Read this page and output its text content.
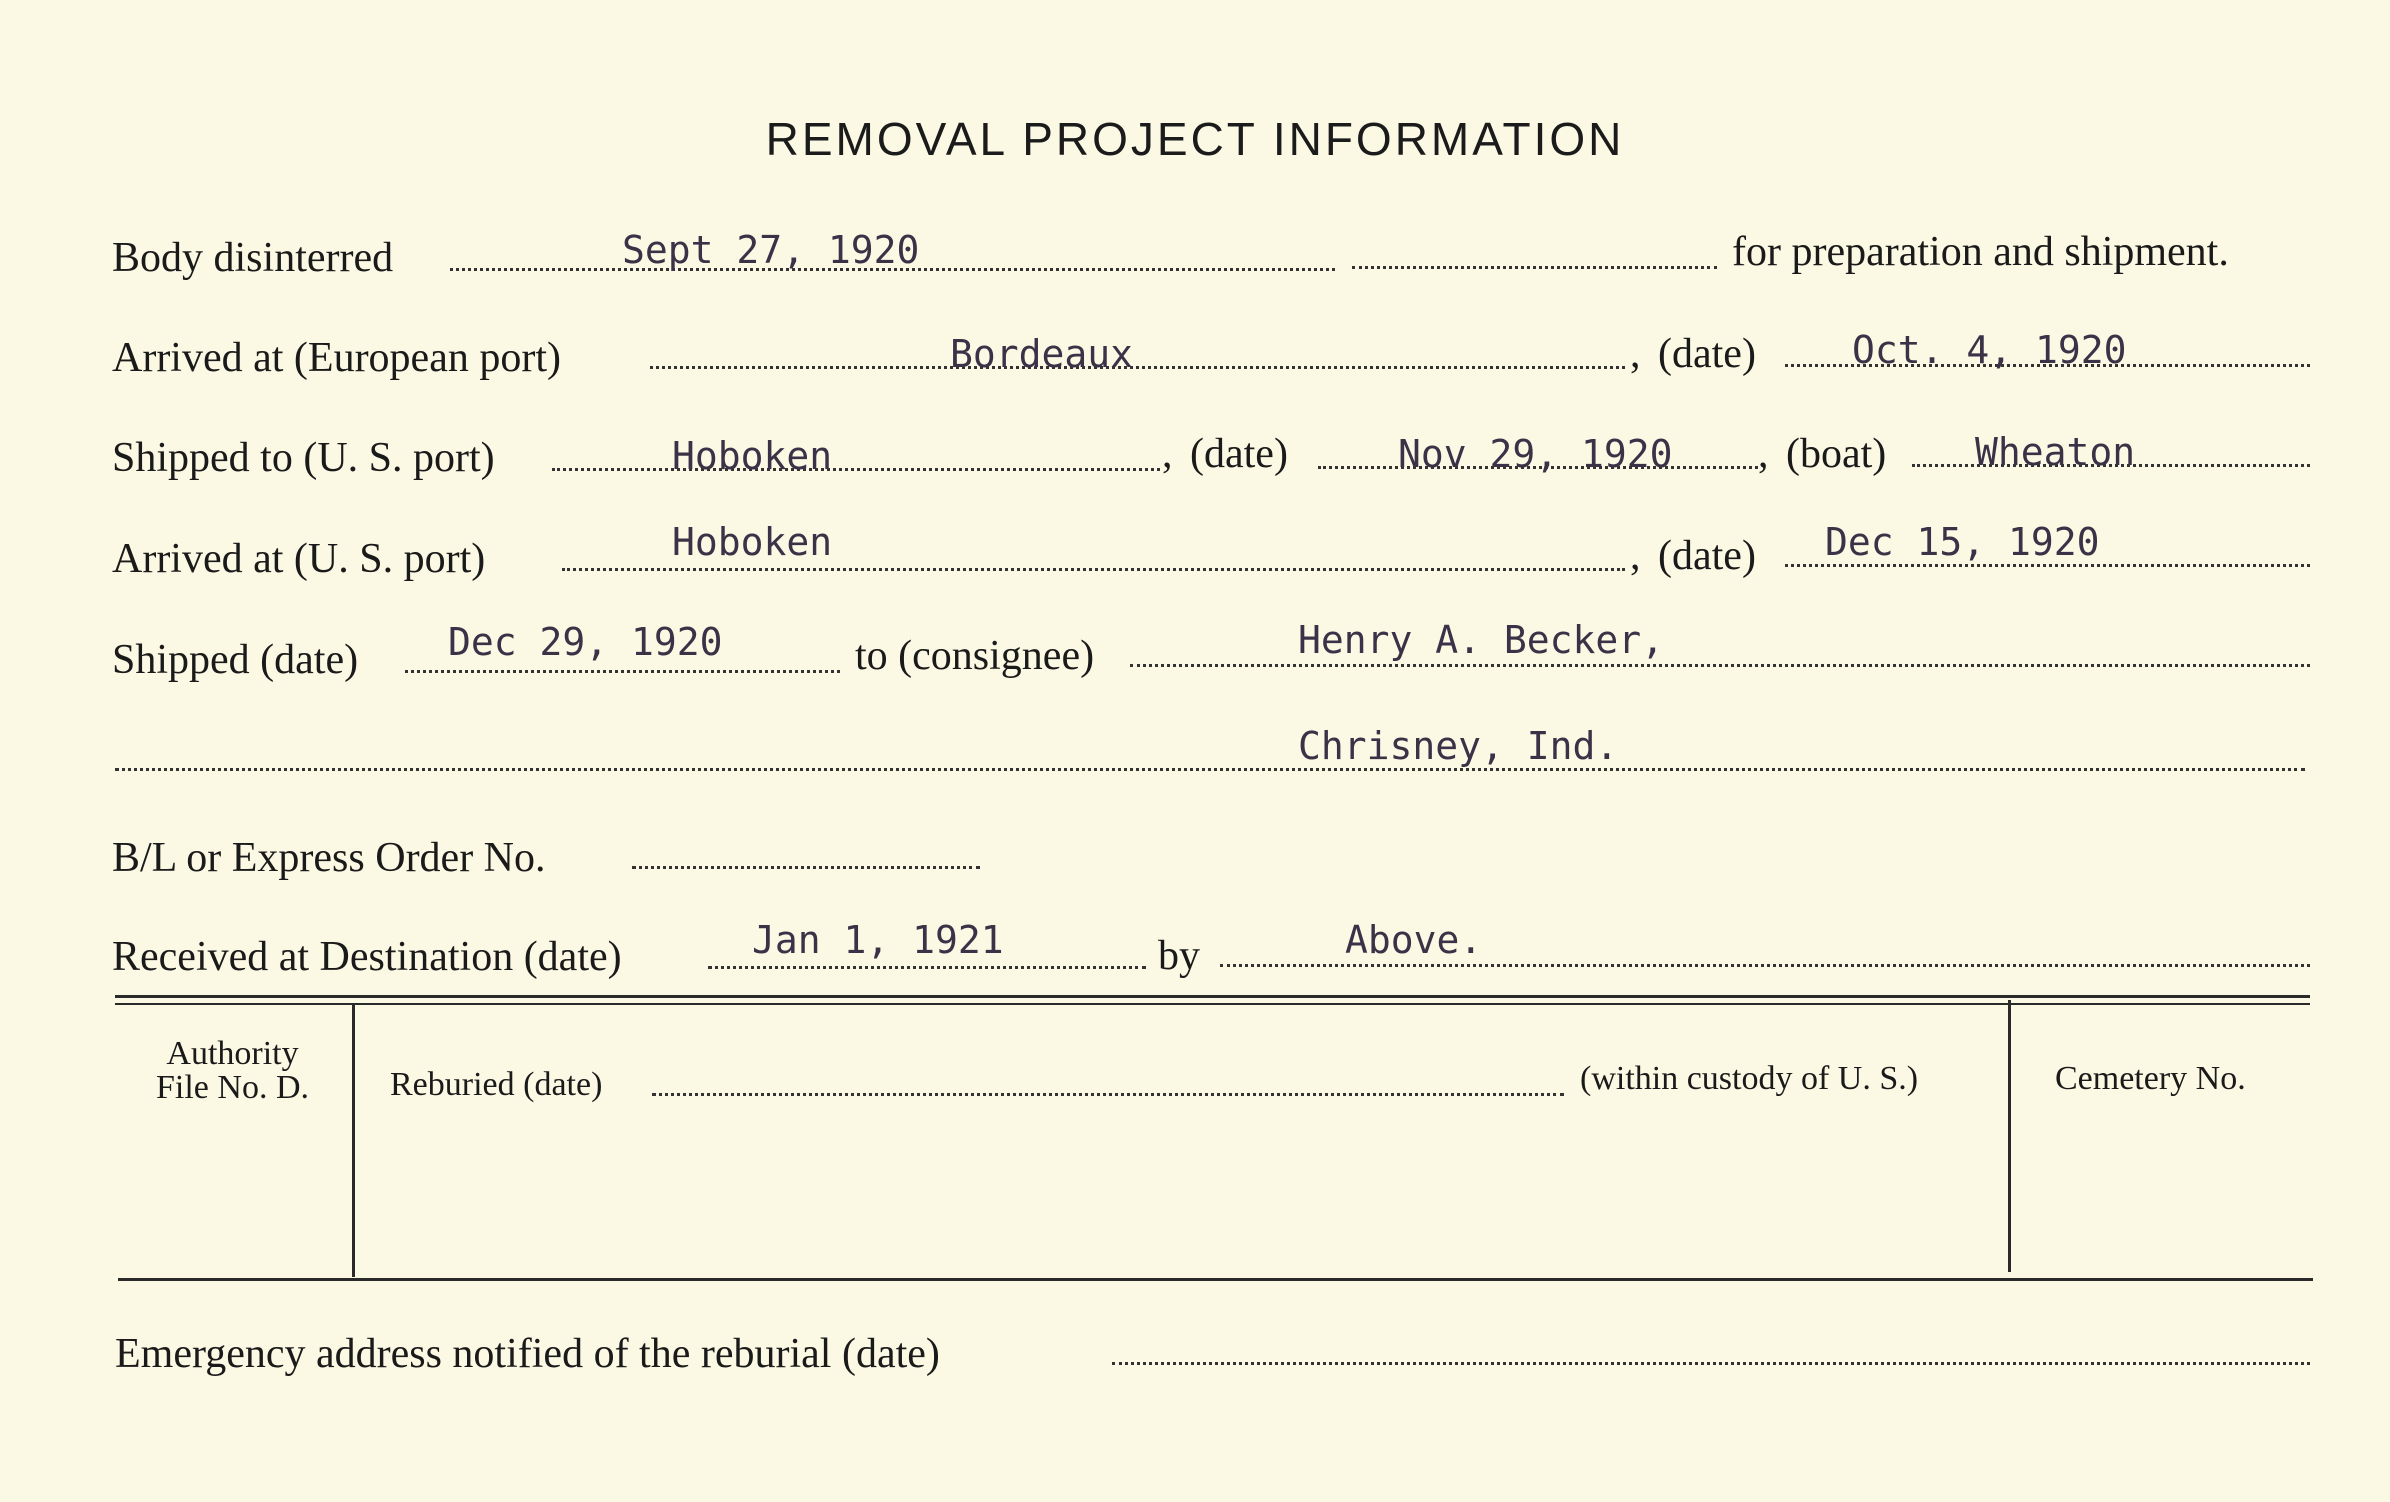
REMOVAL PROJECT INFORMATION
Body disinterred	Sept 27, 1920	for preparation and shipment.
Arrived at (European port)	Bordeaux	, (date)	Oct. 4, 1920
Shipped to (U. S. port)	Hoboken	, (date)	Nov 29, 1920 , (boat) Wheaton
Arrived at (U. S. port)	Hoboken	, (date) Dec 15, 1920
Shipped (date) Dec 29, 1920	to (consignee)	Henry A. Becker,
Chrisney, Ind.
B/L or Express Order No.
Received at Destination (date)	Jan 1, 1921	by	Above.
Authority
File No. D.	Reburied (date)	(within custody of U. S.)	Cemetery No.
Emergency address notified of the reburial (date)
